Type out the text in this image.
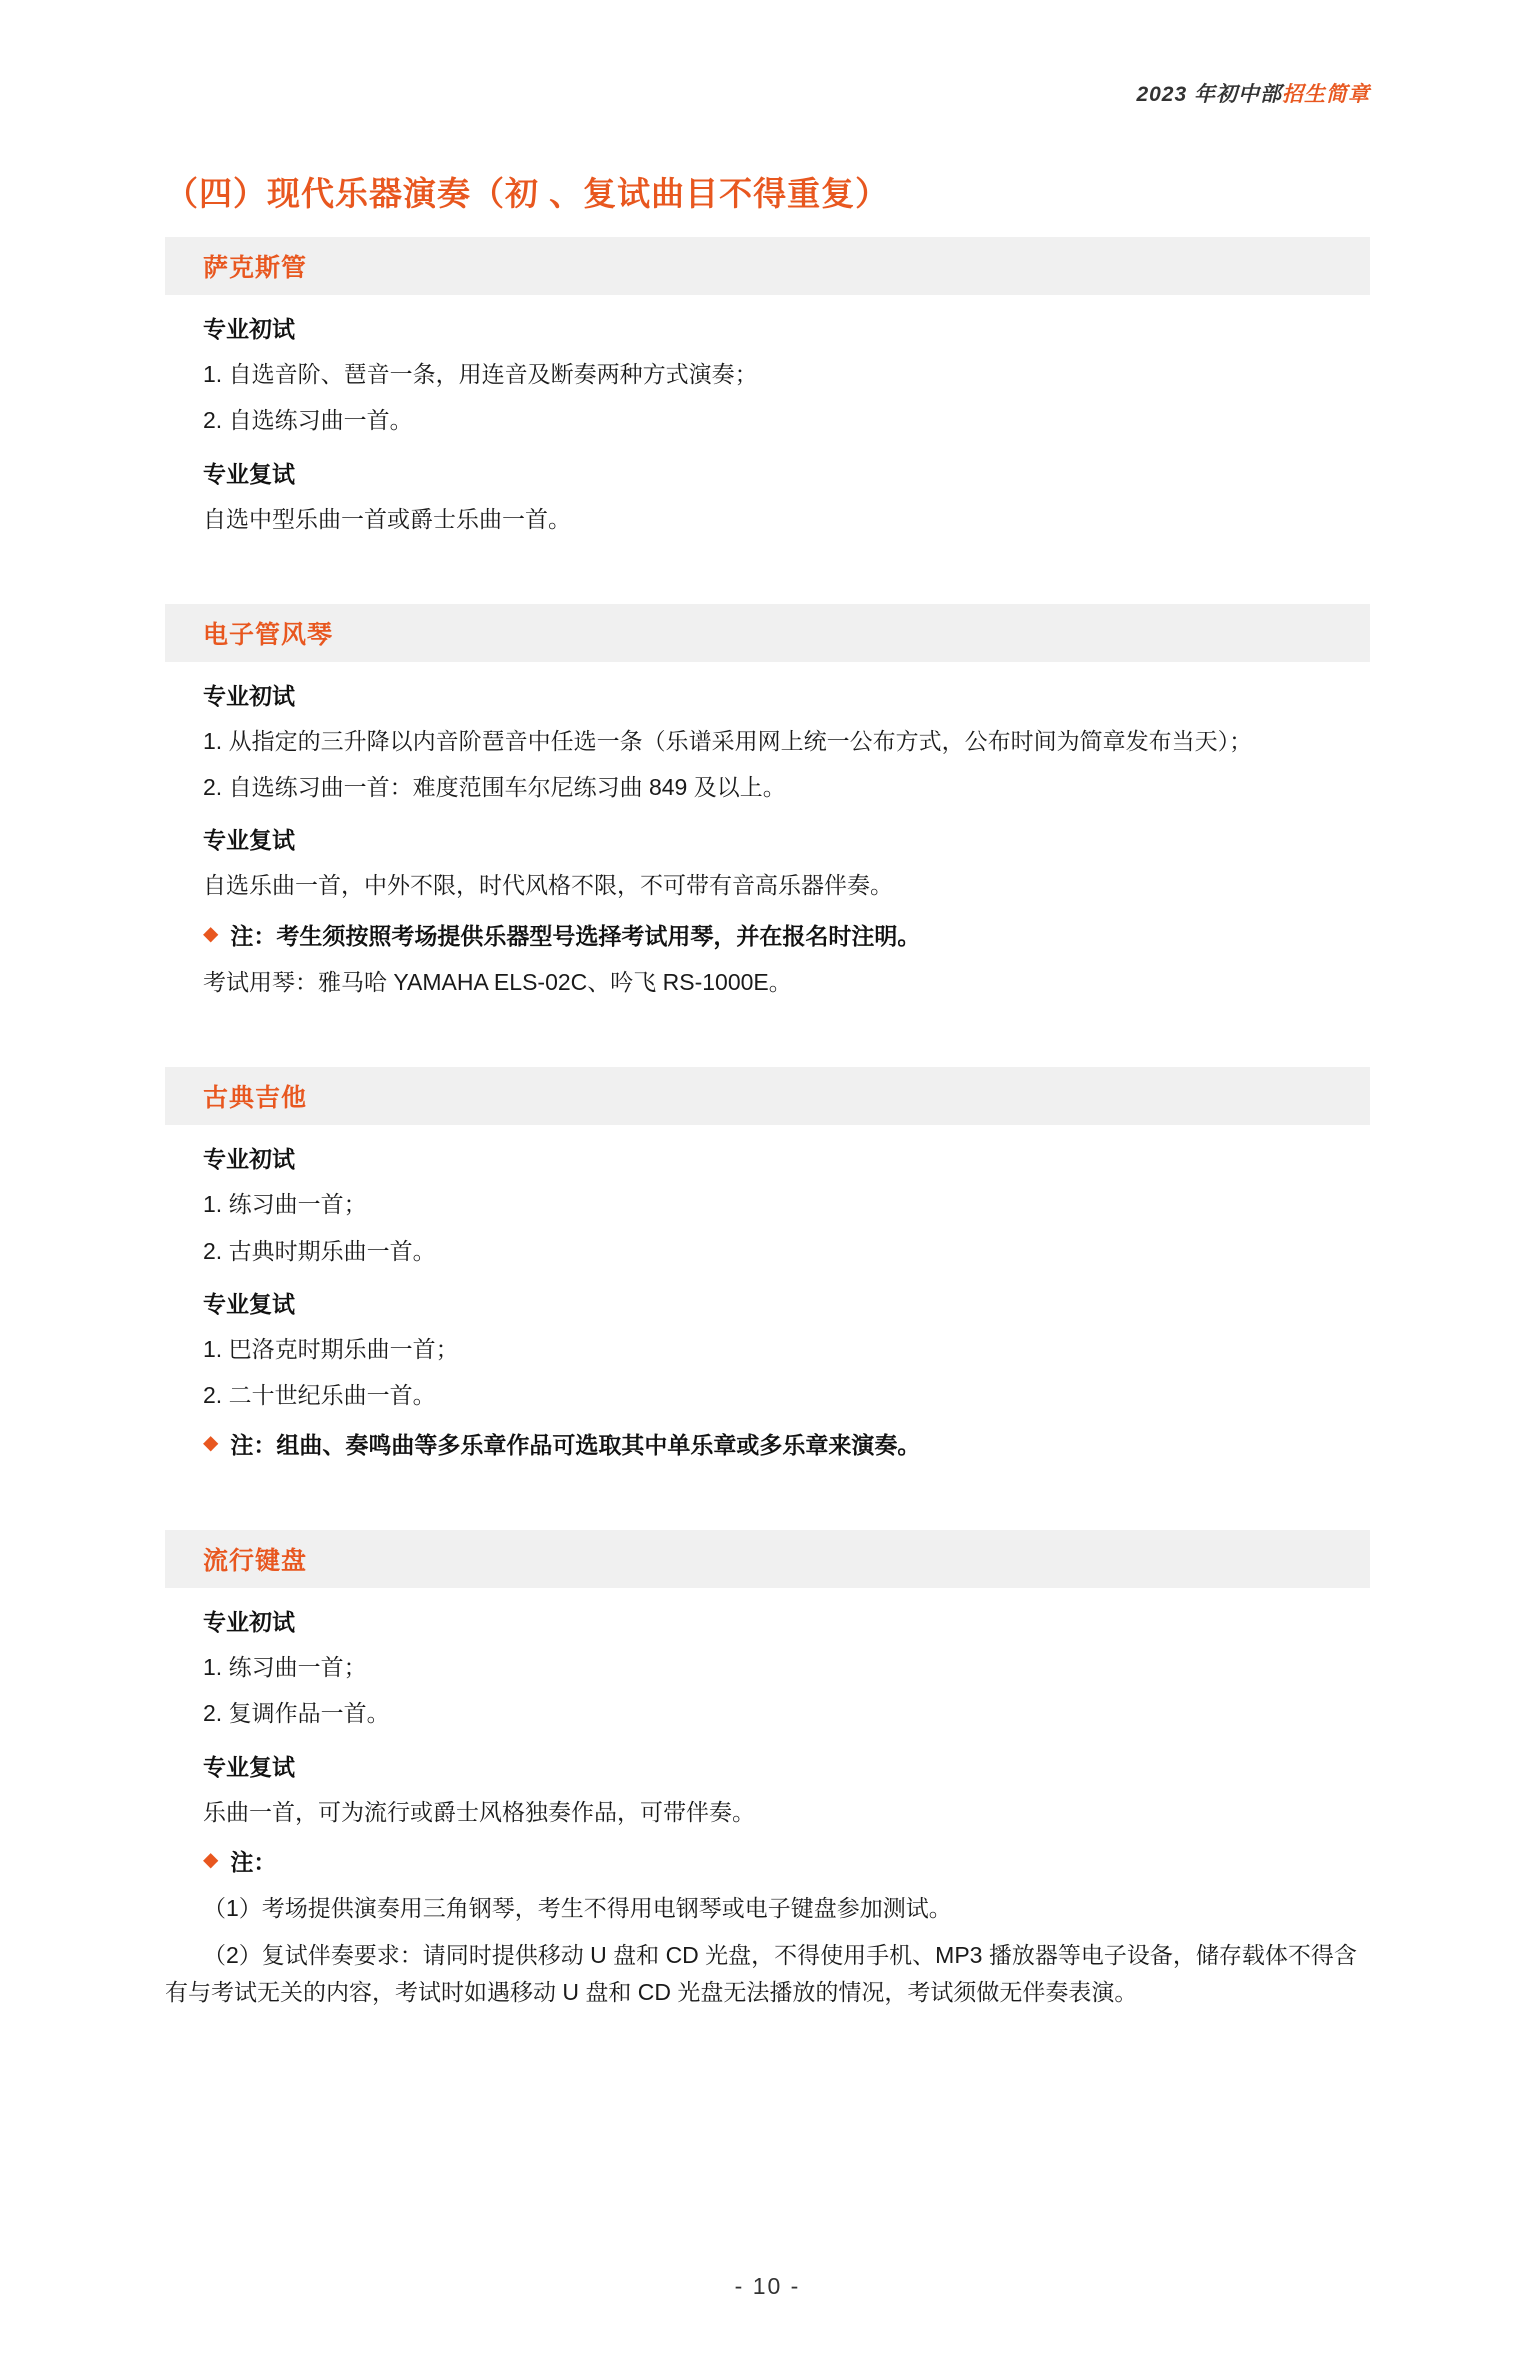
2023 年初中部招生简章
（四）现代乐器演奏（初 、复试曲目不得重复）
萨克斯管
专业初试
1. 自选音阶、琶音一条，用连音及断奏两种方式演奏；
2. 自选练习曲一首。
专业复试
自选中型乐曲一首或爵士乐曲一首。
电子管风琴
专业初试
1. 从指定的三升降以内音阶琶音中任选一条（乐谱采用网上统一公布方式，公布时间为简章发布当天）；
2. 自选练习曲一首：难度范围车尔尼练习曲 849 及以上。
专业复试
自选乐曲一首，中外不限，时代风格不限，不可带有音高乐器伴奏。
◆ 注：考生须按照考场提供乐器型号选择考试用琴，并在报名时注明。
考试用琴：雅马哈 YAMAHA ELS-02C、吟飞 RS-1000E。
古典吉他
专业初试
1. 练习曲一首；
2. 古典时期乐曲一首。
专业复试
1. 巴洛克时期乐曲一首；
2. 二十世纪乐曲一首。
◆ 注：组曲、奏鸣曲等多乐章作品可选取其中单乐章或多乐章来演奏。
流行键盘
专业初试
1. 练习曲一首；
2. 复调作品一首。
专业复试
乐曲一首，可为流行或爵士风格独奏作品，可带伴奏。
◆ 注：
（1）考场提供演奏用三角钢琴，考生不得用电钢琴或电子键盘参加测试。
（2）复试伴奏要求：请同时提供移动 U 盘和 CD 光盘，不得使用手机、MP3 播放器等电子设备，储存载体不得含有与考试无关的内容，考试时如遇移动 U 盘和 CD 光盘无法播放的情况，考试须做无伴奏表演。
- 10 -
